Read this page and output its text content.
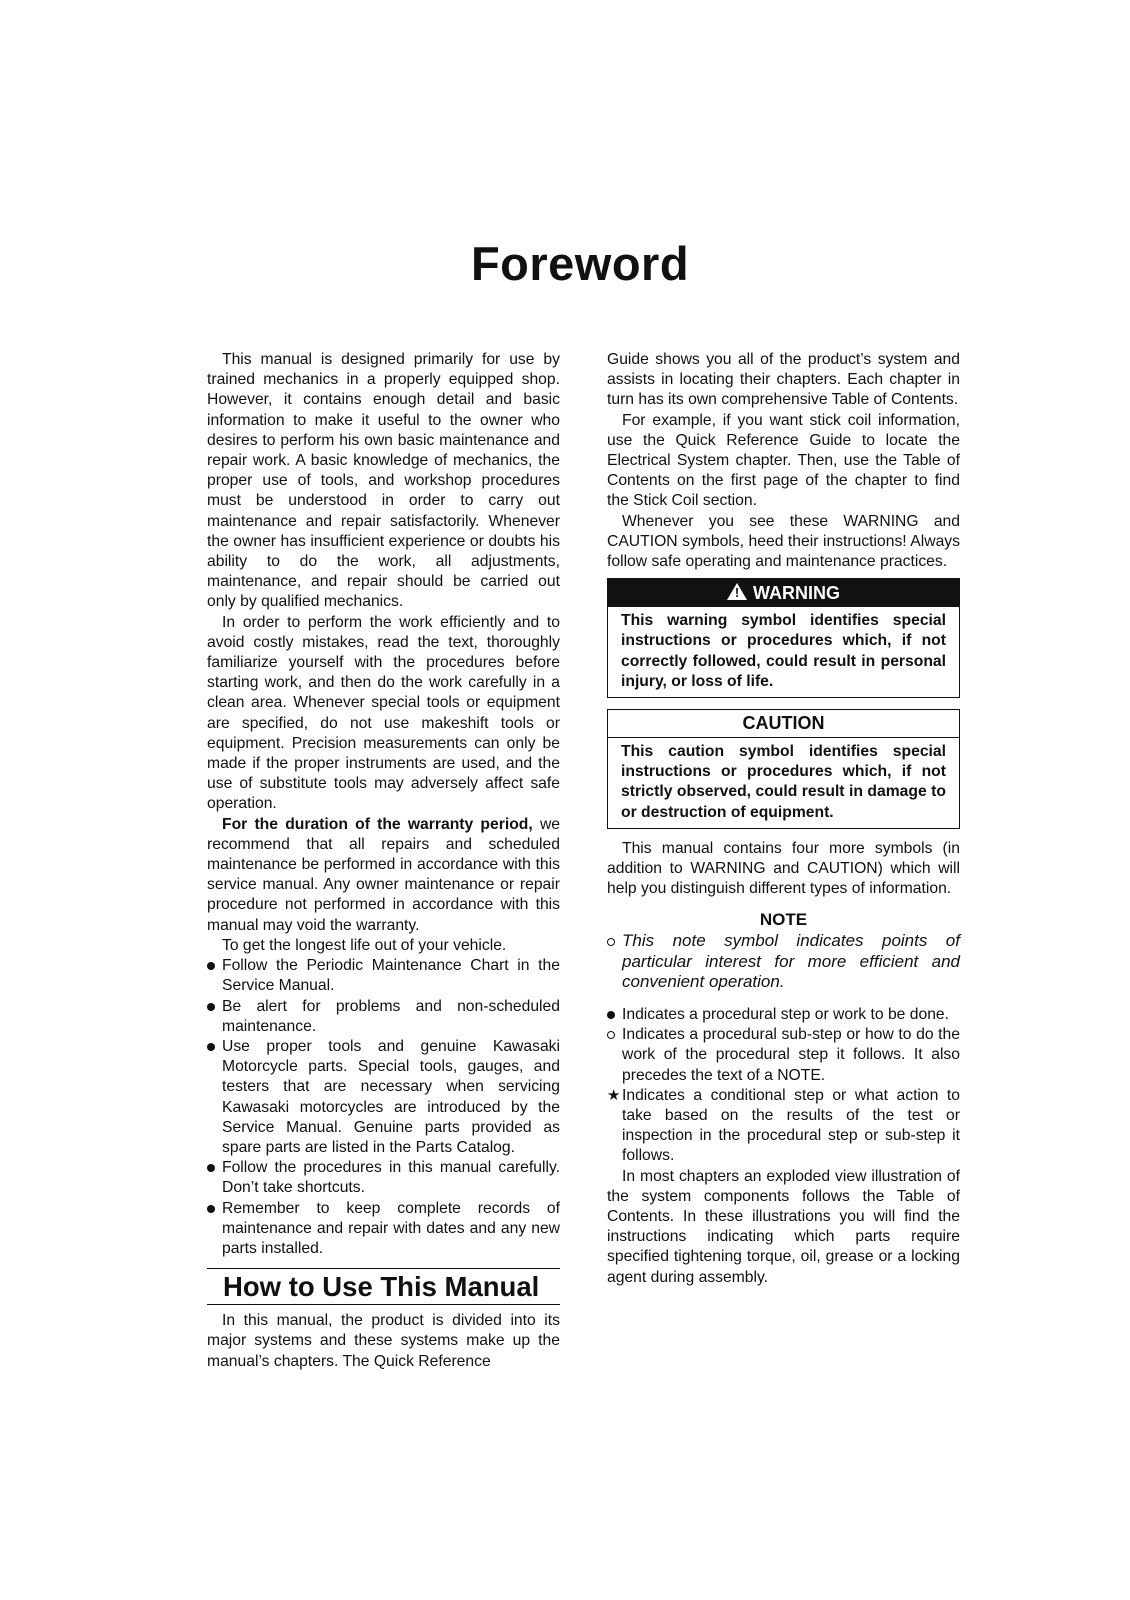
Foreword

This manual is designed primarily for use by trained mechanics in a properly equipped shop. However, it contains enough detail and basic information to make it useful to the owner who desires to perform his own basic maintenance and repair work. A basic knowledge of mechanics, the proper use of tools, and workshop procedures must be understood in order to carry out maintenance and repair satisfactorily. Whenever the owner has insufficient experience or doubts his ability to do the work, all adjustments, maintenance, and repair should be carried out only by qualified mechanics.

In order to perform the work efficiently and to avoid costly mistakes, read the text, thoroughly familiarize yourself with the procedures before starting work, and then do the work carefully in a clean area. Whenever special tools or equipment are specified, do not use makeshift tools or equipment. Precision measurements can only be made if the proper instruments are used, and the use of substitute tools may adversely affect safe operation.

For the duration of the warranty period, we recommend that all repairs and scheduled maintenance be performed in accordance with this service manual. Any owner maintenance or repair procedure not performed in accordance with this manual may void the warranty.

To get the longest life out of your vehicle.

Follow the Periodic Maintenance Chart in the Service Manual.
Be alert for problems and non-scheduled maintenance.
Use proper tools and genuine Kawasaki Motorcycle parts. Special tools, gauges, and testers that are necessary when servicing Kawasaki motorcycles are introduced by the Service Manual. Genuine parts provided as spare parts are listed in the Parts Catalog.
Follow the procedures in this manual carefully. Don’t take shortcuts.
Remember to keep complete records of maintenance and repair with dates and any new parts installed.
How to Use This Manual

In this manual, the product is divided into its major systems and these systems make up the manual’s chapters. The Quick Reference

Guide shows you all of the product’s system and assists in locating their chapters. Each chapter in turn has its own comprehensive Table of Contents.

For example, if you want stick coil information, use the Quick Reference Guide to locate the Electrical System chapter. Then, use the Table of Contents on the first page of the chapter to find the Stick Coil section.

Whenever you see these WARNING and CAUTION symbols, heed their instructions! Always follow safe operating and maintenance practices.

! WARNING
This warning symbol identifies special instructions or procedures which, if not correctly followed, could result in personal injury, or loss of life.
CAUTION
This caution symbol identifies special instructions or procedures which, if not strictly observed, could result in damage to or destruction of equipment.

This manual contains four more symbols (in addition to WARNING and CAUTION) which will help you distinguish different types of information.

NOTE
This note symbol indicates points of particular interest for more efficient and convenient operation.
Indicates a procedural step or work to be done.
Indicates a procedural sub-step or how to do the work of the procedural step it follows. It also precedes the text of a NOTE.
★ Indicates a conditional step or what action to take based on the results of the test or inspection in the procedural step or sub-step it follows.

In most chapters an exploded view illustration of the system components follows the Table of Contents. In these illustrations you will find the instructions indicating which parts require specified tightening torque, oil, grease or a locking agent during assembly.
